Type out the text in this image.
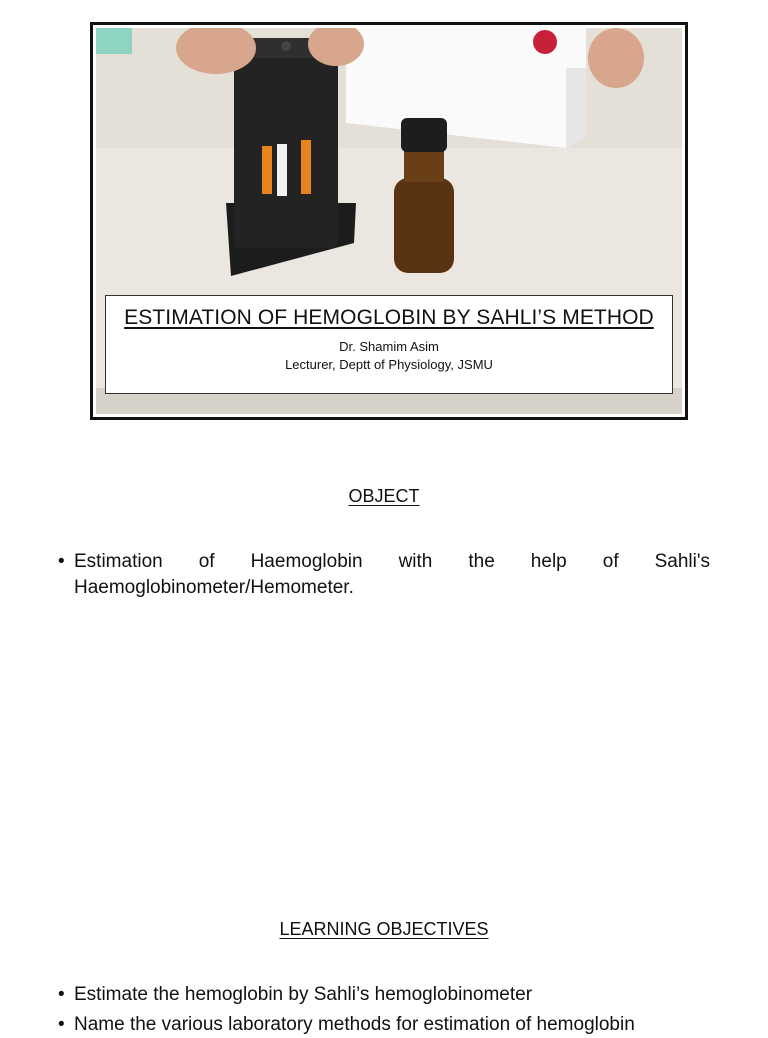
ESTIMATION OF HEMOGLOBIN BY SAHLI’S METHOD
Dr. Shamim Asim
Lecturer, Deptt of Physiology, JSMU
OBJECT
• Estimation of Haemoglobin with the help of Sahli's Haemoglobinometer/Hemometer.
LEARNING OBJECTIVES
• Estimate the hemoglobin by Sahli’s hemoglobinometer
• Name the various laboratory methods for estimation of hemoglobin
